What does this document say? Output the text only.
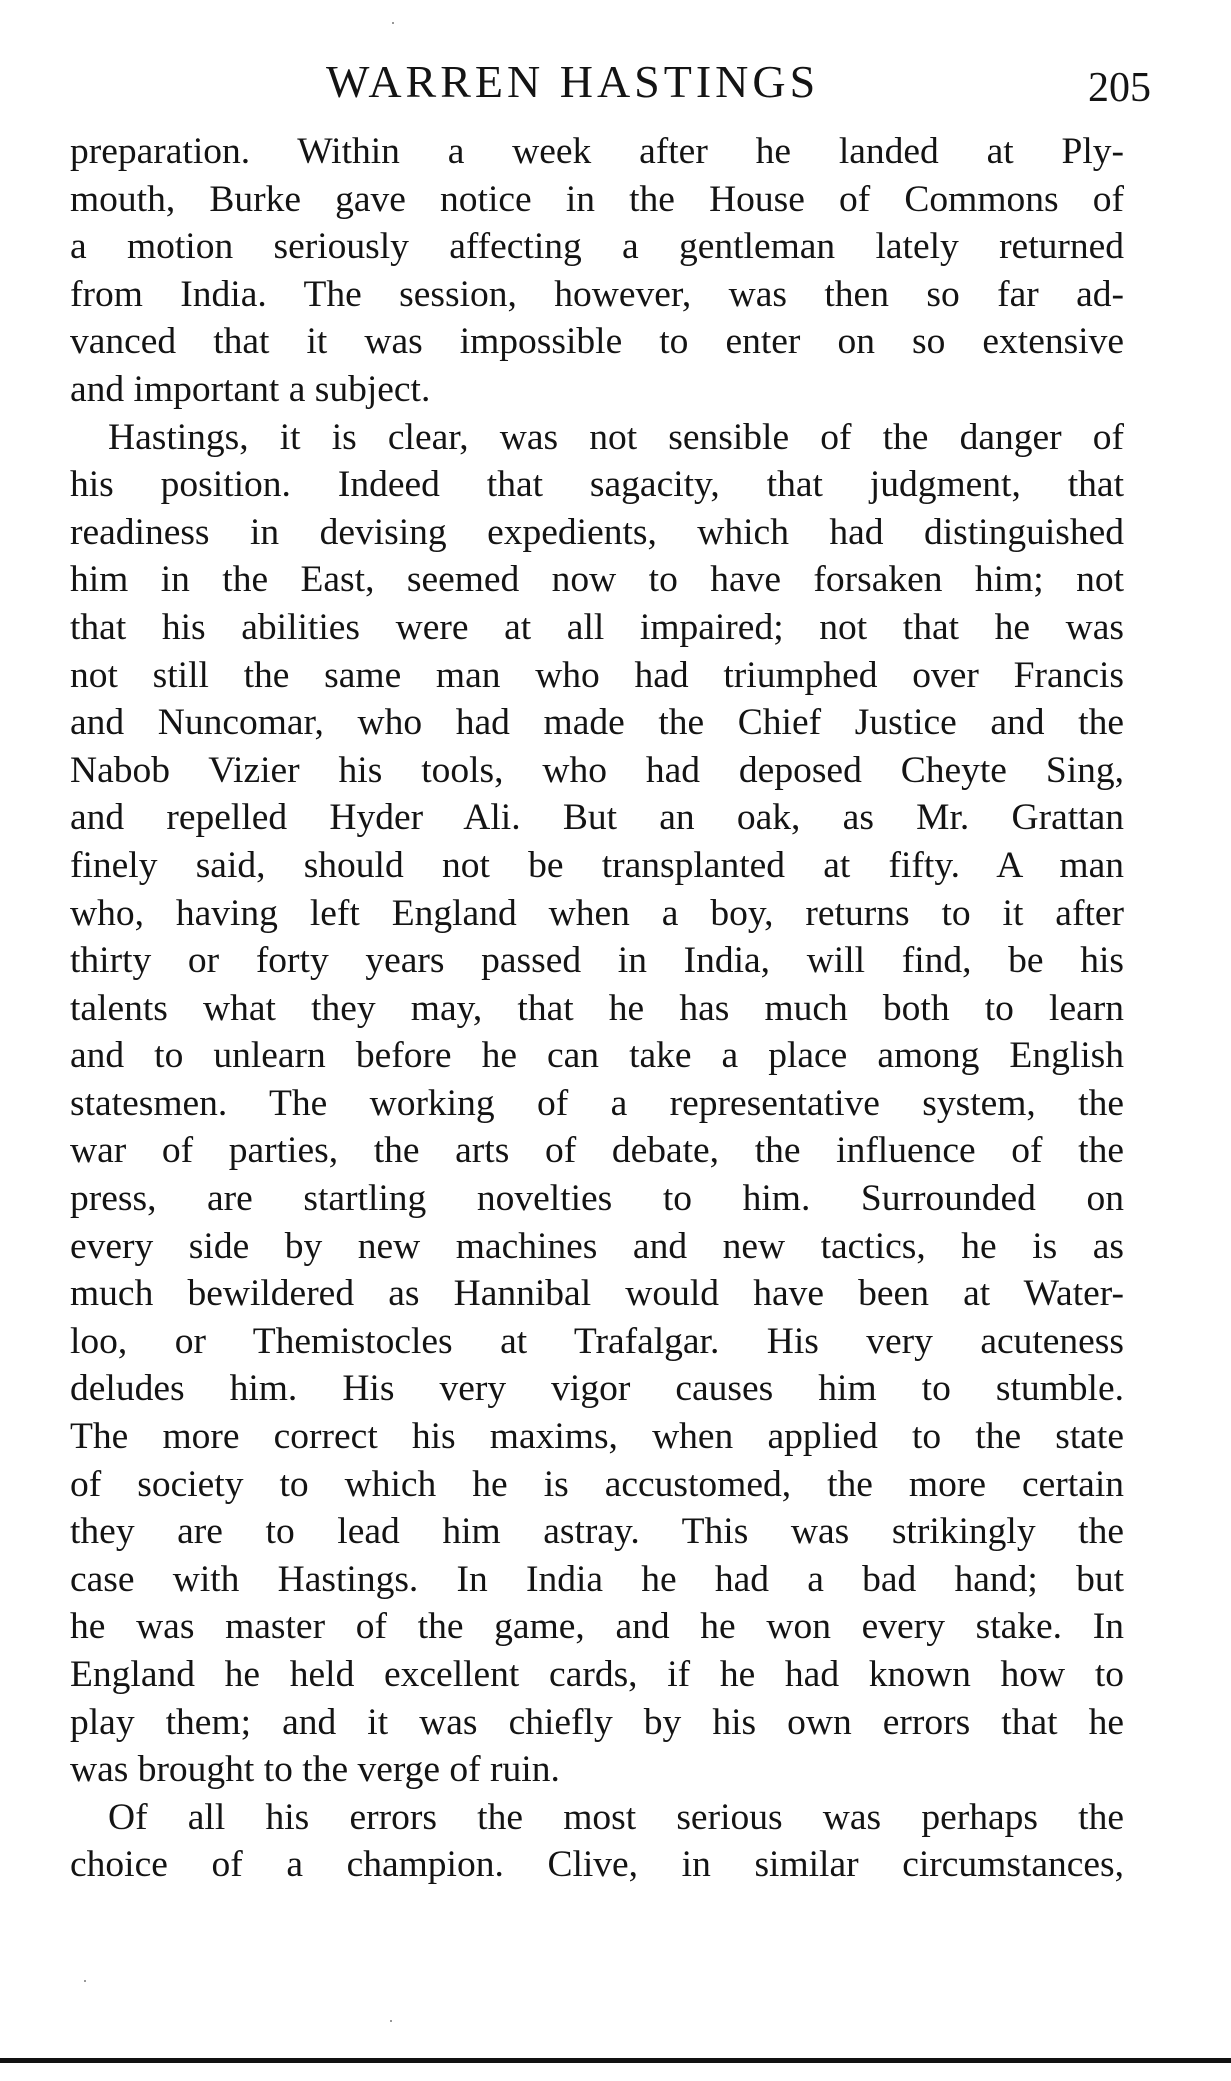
WARREN HASTINGS	205
preparation. Within a week after he landed at Ply-
mouth, Burke gave notice in the House of Commons of
a motion seriously affecting a gentleman lately returned
from India. The session, however, was then so far ad-
vanced that it was impossible to enter on so extensive
and important a subject.
Hastings, it is clear, was not sensible of the danger of
his position. Indeed that sagacity, that judgment, that
readiness in devising expedients, which had distinguished
him in the East, seemed now to have forsaken him; not
that his abilities were at all impaired; not that he was
not still the same man who had triumphed over Francis
and Nuncomar, who had made the Chief Justice and the
Nabob Vizier his tools, who had deposed Cheyte Sing,
and repelled Hyder Ali. But an oak, as Mr. Grattan
finely said, should not be transplanted at fifty. A man
who, having left England when a boy, returns to it after
thirty or forty years passed in India, will find, be his
talents what they may, that he has much both to learn
and to unlearn before he can take a place among English
statesmen. The working of a representative system, the
war of parties, the arts of debate, the influence of the
press, are startling novelties to him. Surrounded on
every side by new machines and new tactics, he is as
much bewildered as Hannibal would have been at Water-
loo, or Themistocles at Trafalgar. His very acuteness
deludes him. His very vigor causes him to stumble.
The more correct his maxims, when applied to the state
of society to which he is accustomed, the more certain
they are to lead him astray. This was strikingly the
case with Hastings. In India he had a bad hand; but
he was master of the game, and he won every stake. In
England he held excellent cards, if he had known how to
play them; and it was chiefly by his own errors that he
was brought to the verge of ruin.
Of all his errors the most serious was perhaps the
choice of a champion. Clive, in similar circumstances,
